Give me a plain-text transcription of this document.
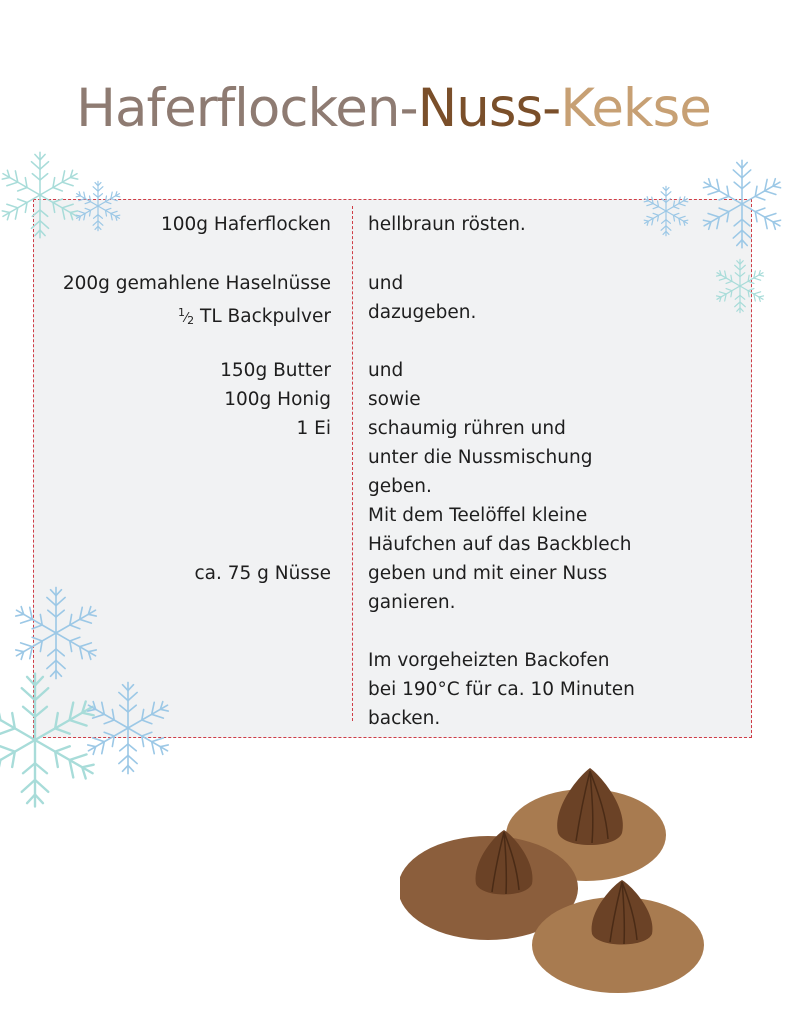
Haferflocken-Nuss-Kekse
100g Haferflocken
200g gemahlene Haselnüsse
$^1⁄_2$ TL Backpulver
150g Butter
100g Honig
1 Ei
ca. 75 g Nüsse
hellbraun rösten.
und
dazugeben.
und
sowie
schaumig rühren und
unter die Nussmischung
geben.
Mit dem Teelöffel kleine
Häufchen auf das Backblech
geben und mit einer Nuss
ganieren.
Im vorgeheizten Backofen
bei 190°C für ca. 10 Minuten
backen.
